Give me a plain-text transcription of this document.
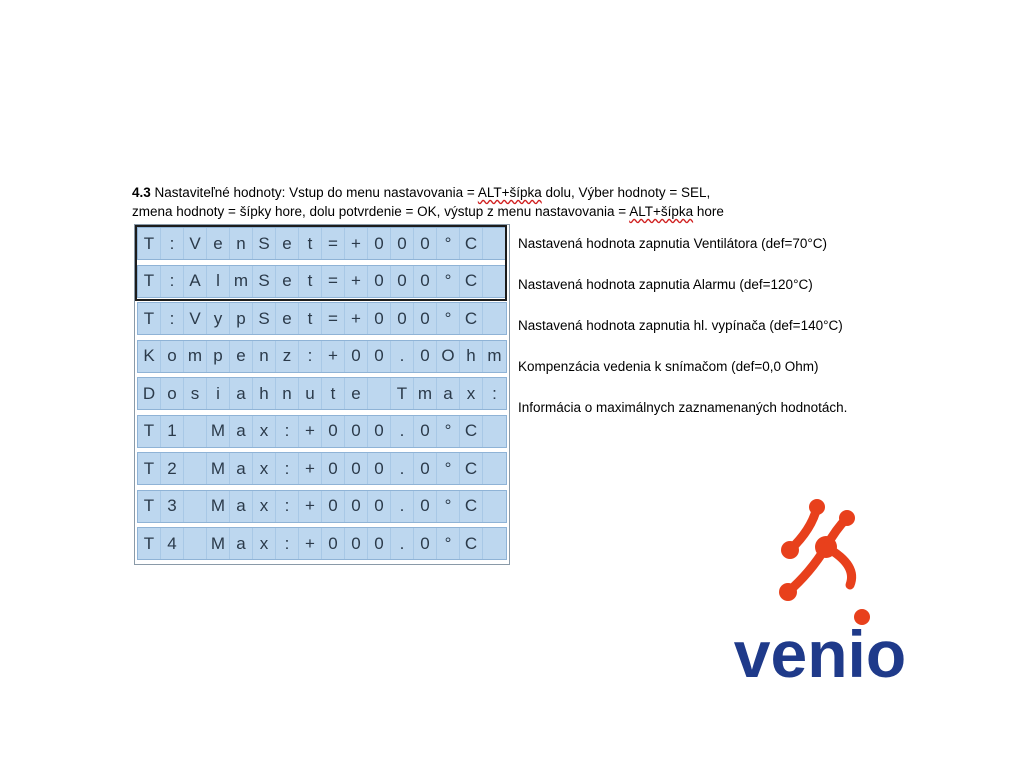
4.3 Nastaviteľné hodnoty: Vstup do menu nastavovania = ALT+šípka dolu, Výber hodnoty = SEL,
zmena hodnoty = šípky hore, dolu potvrdenie = OK, výstup z menu nastavovania = ALT+šípka hore
T : V e n S e t = + 0 0 0 ° C
T : A l m S e t = + 0 0 0 ° C
T : V y p S e t = + 0 0 0 ° C
K o m p e n z : + 0 0 . 0 O h m
D o s i a h n u t e	T m a x :
T 1	M a x : + 0 0 0 . 0 ° C
T 2	M a x : + 0 0 0 . 0 ° C
T 3	M a x : + 0 0 0 . 0 ° C
T 4	M a x : + 0 0 0 . 0 ° C
Nastavená hodnota zapnutia Ventilátora (def=70°C)
Nastavená hodnota zapnutia Alarmu (def=120°C)
Nastavená hodnota zapnutia hl. vypínača (def=140°C)
Kompenzácia vedenia k snímačom (def=0,0 Ohm)
Informácia o maximálnych zaznamenaných hodnotách.
venio
